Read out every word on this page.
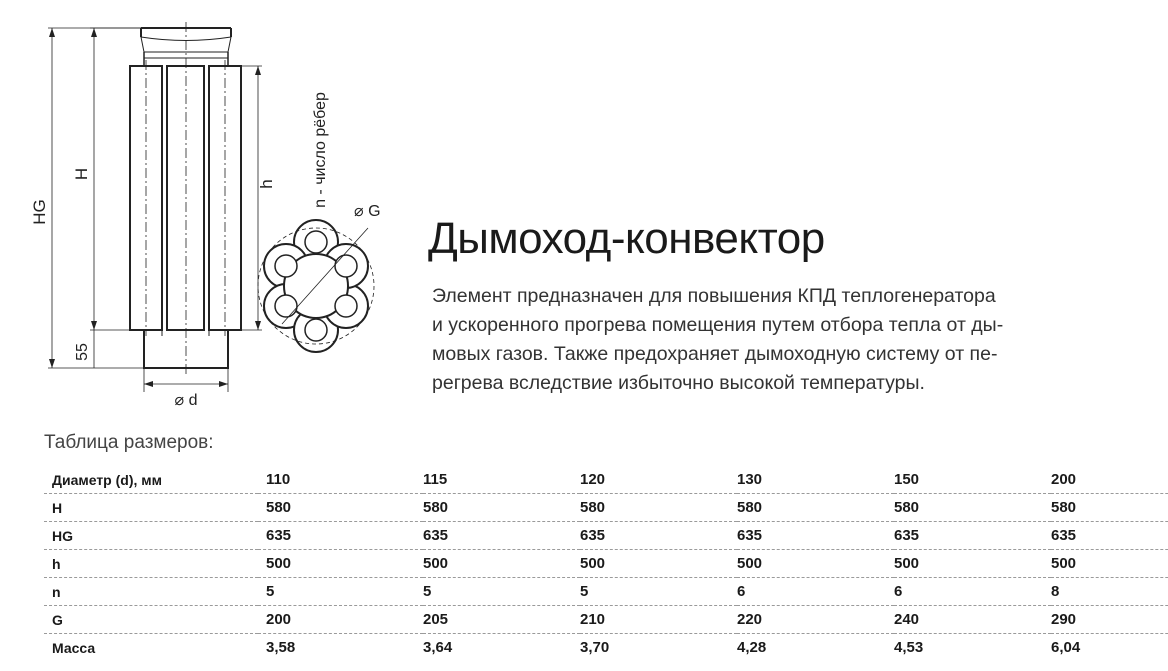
HG
H
55
h n - число рёбер
⌀ G
⌀ d
Дымоход-конвектор

Элемент предназначен для повышения КПД теплогенератора
и ускоренного прогрева помещения путем отбора тепла от ды-
мовых газов. Также предохраняет дымоходную систему от пе-
регрева вследствие избыточно высокой температуры.

Таблица размеров:

Диаметр (d), мм	110	115	120	130	150	200
H	580	580	580	580	580	580
HG	635	635	635	635	635	635
h	500	500	500	500	500	500
n	5	5	5	6	6	8
G	200	205	210	220	240	290
Масса	3,58	3,64	3,70	4,28	4,53	6,04
